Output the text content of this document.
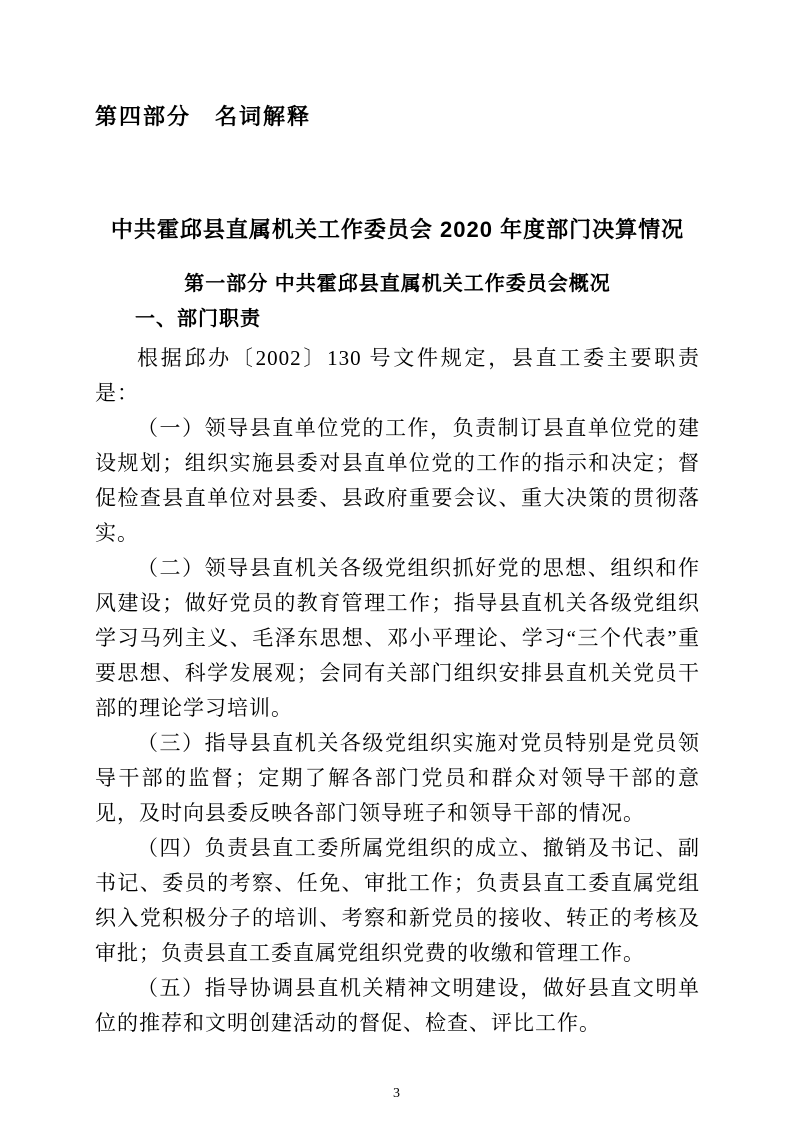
第四部分　名词解释
中共霍邱县直属机关工作委员会 2020 年度部门决算情况
第一部分 中共霍邱县直属机关工作委员会概况
一、部门职责

根据邱办〔2002〕130 号文件规定，县直工委主要职责是：

（一）领导县直单位党的工作，负责制订县直单位党的建设规划；组织实施县委对县直单位党的工作的指示和决定；督促检查县直单位对县委、县政府重要会议、重大决策的贯彻落实。

（二）领导县直机关各级党组织抓好党的思想、组织和作风建设；做好党员的教育管理工作；指导县直机关各级党组织学习马列主义、毛泽东思想、邓小平理论、学习“三个代表”重要思想、科学发展观；会同有关部门组织安排县直机关党员干部的理论学习培训。

（三）指导县直机关各级党组织实施对党员特别是党员领导干部的监督；定期了解各部门党员和群众对领导干部的意见，及时向县委反映各部门领导班子和领导干部的情况。

（四）负责县直工委所属党组织的成立、撤销及书记、副书记、委员的考察、任免、审批工作；负责县直工委直属党组织入党积极分子的培训、考察和新党员的接收、转正的考核及审批；负责县直工委直属党组织党费的收缴和管理工作。

（五）指导协调县直机关精神文明建设，做好县直文明单位的推荐和文明创建活动的督促、检查、评比工作。

3
